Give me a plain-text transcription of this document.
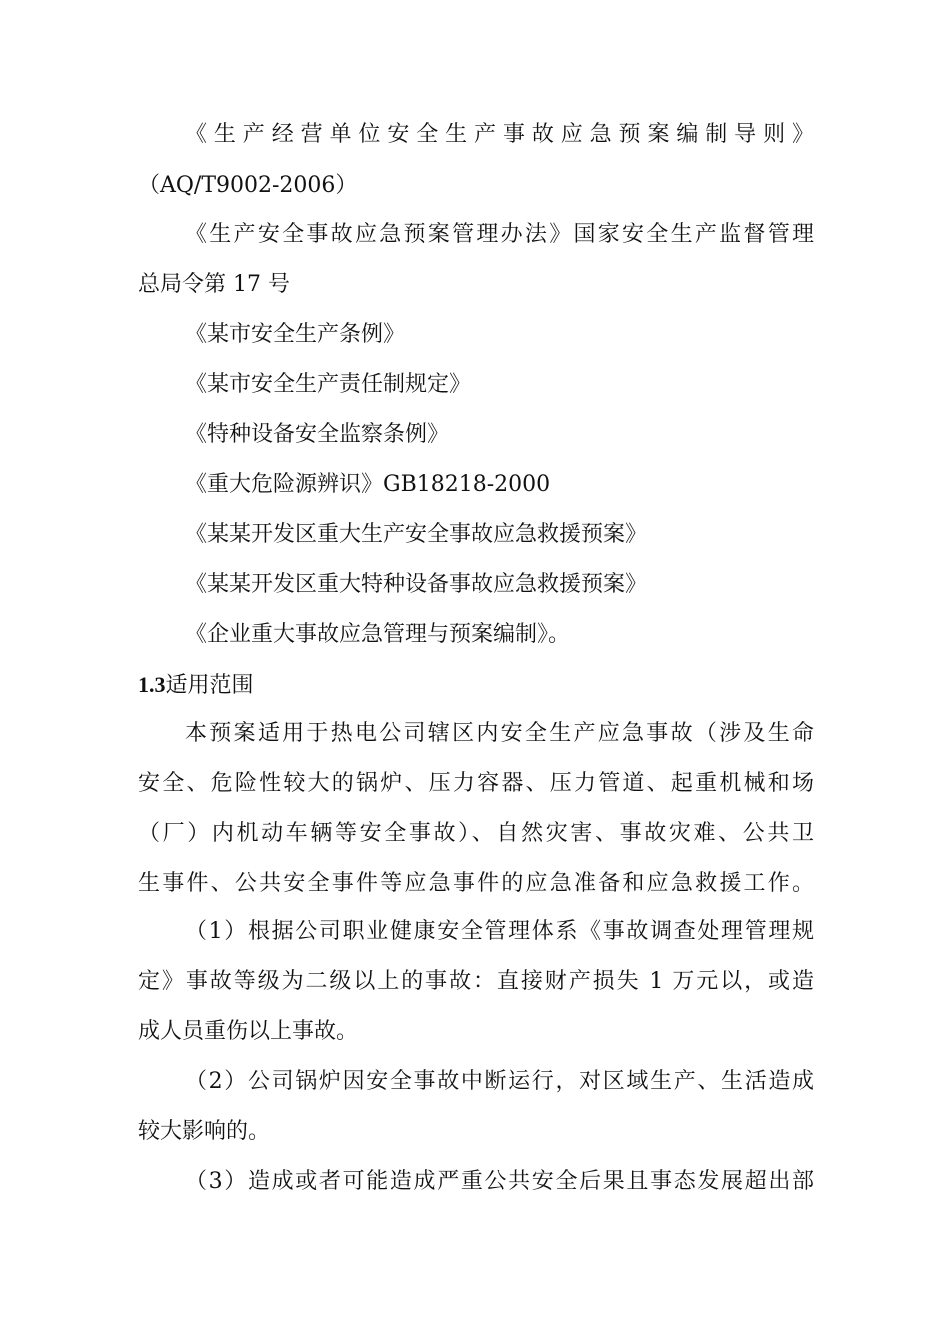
《生产经营单位安全生产事故应急预案编制导则》
（AQ/T9002-2006）
《生产安全事故应急预案管理办法》国家安全生产监督管理
总局令第 17 号
《某市安全生产条例》
《某市安全生产责任制规定》
《特种设备安全监察条例》
《重大危险源辨识》GB18218-2000
《某某开发区重大生产安全事故应急救援预案》
《某某开发区重大特种设备事故应急救援预案》
《企业重大事故应急管理与预案编制》。
1.3适用范围
本预案适用于热电公司辖区内安全生产应急事故（涉及生命
安全、危险性较大的锅炉、压力容器、压力管道、起重机械和场
（厂）内机动车辆等安全事故）、自然灾害、事故灾难、公共卫
生事件、公共安全事件等应急事件的应急准备和应急救援工作。
（1）根据公司职业健康安全管理体系《事故调查处理管理规
定》事故等级为二级以上的事故：直接财产损失 1 万元以，或造
成人员重伤以上事故。
（2）公司锅炉因安全事故中断运行，对区域生产、生活造成
较大影响的。
（3）造成或者可能造成严重公共安全后果且事态发展超出部
